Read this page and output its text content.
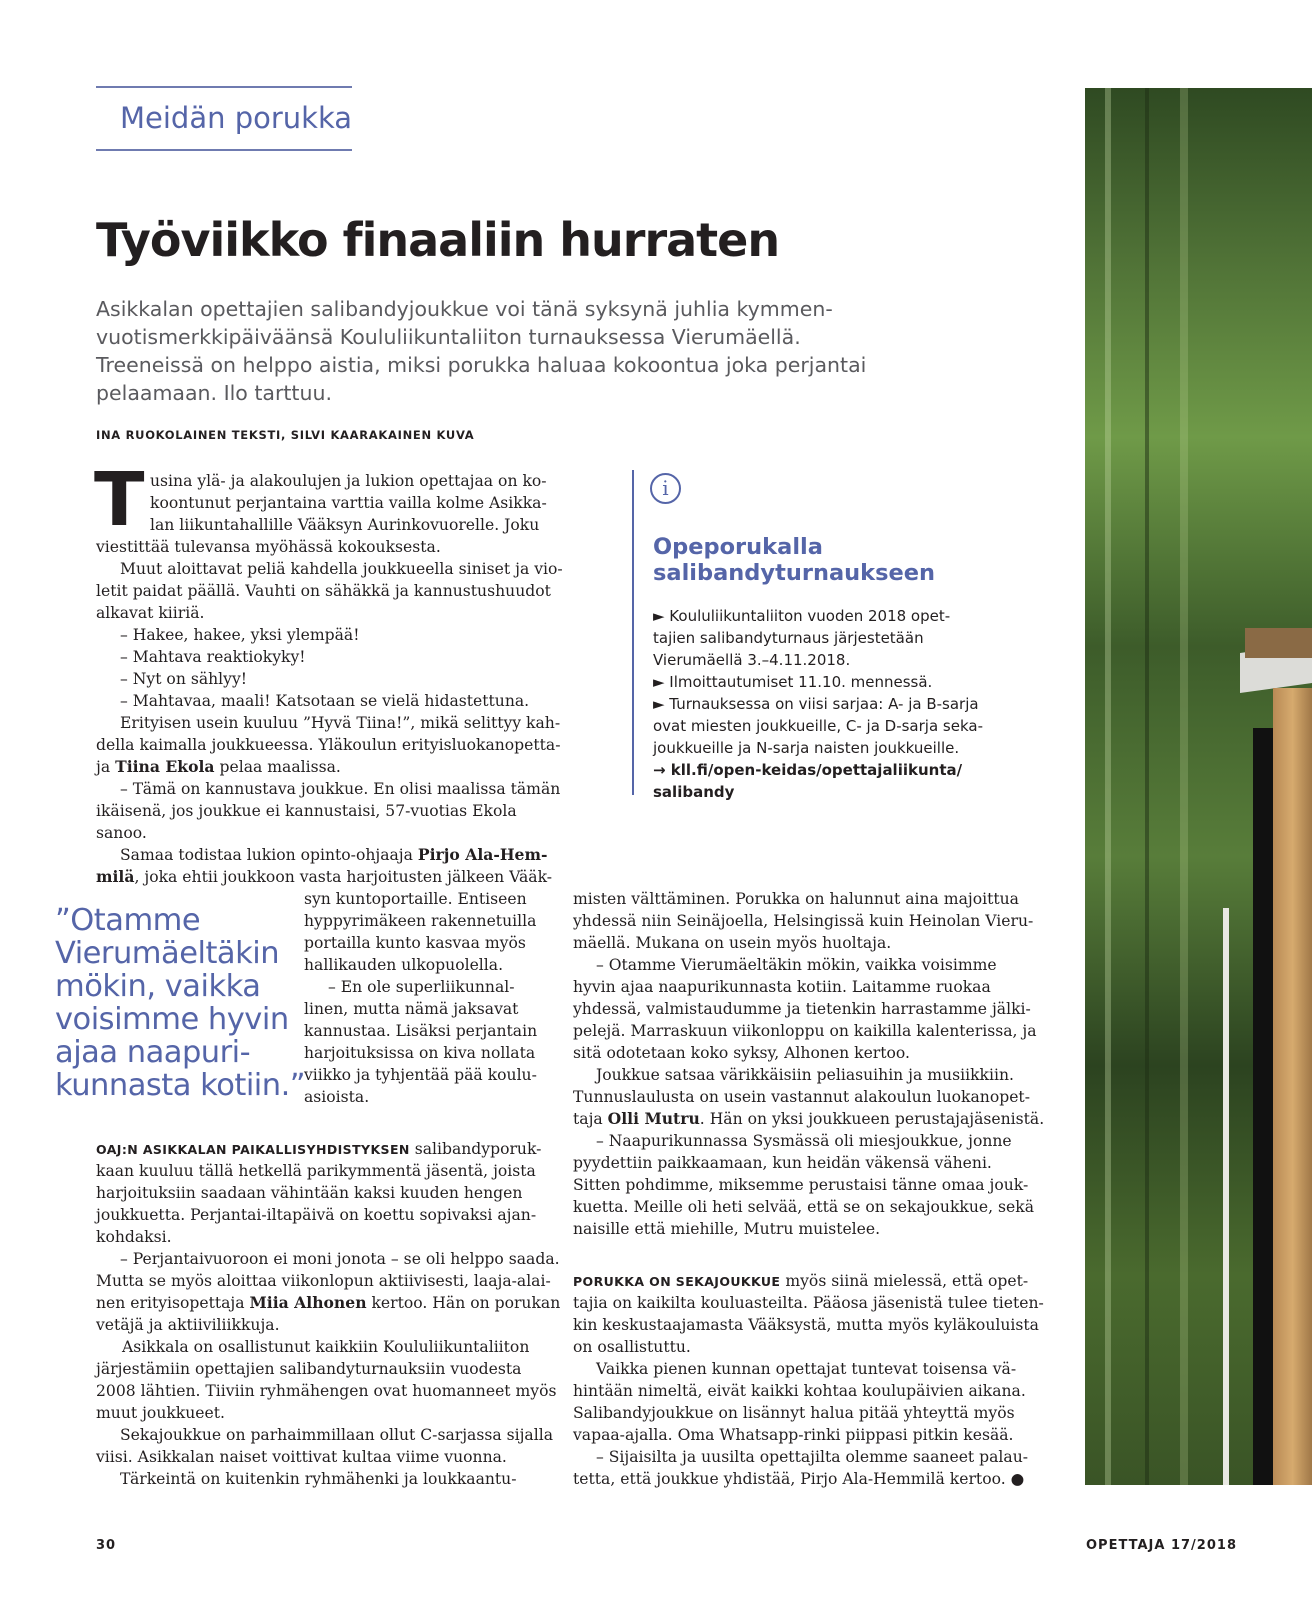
Meidän porukka
Työviikko finaaliin hurraten
Asikkalan opettajien salibandyjoukkue voi tänä syksynä juhlia kymmen-
vuotismerkkipäiväänsä Koululiikuntaliiton turnauksessa Vierumäellä.
Treeneissä on helppo aistia, miksi porukka haluaa kokoontua joka perjantai
pelaamaan. Ilo tarttuu.
INA RUOKOLAINEN TEKSTI, SILVI KAARAKAINEN KUVA
T usina ylä- ja alakoulujen ja lukion opettajaa on ko-
koontunut perjantaina varttia vailla kolme Asikka-
lan liikuntahallille Vääksyn Aurinkovuorelle. Joku
viestittää tulevansa myöhässä kokouksesta.
Muut aloittavat peliä kahdella joukkueella siniset ja vio-
letit paidat päällä. Vauhti on sähäkkä ja kannustushuudot
alkavat kiiriä.
– Hakee, hakee, yksi ylempää!
– Mahtava reaktiokyky!
– Nyt on sählyy!
– Mahtavaa, maali! Katsotaan se vielä hidastettuna.
Erityisen usein kuuluu ”Hyvä Tiina!”, mikä selittyy kah-
della kaimalla joukkueessa. Yläkoulun erityisluokanopetta-
ja Tiina Ekola pelaa maalissa.
– Tämä on kannustava joukkue. En olisi maalissa tämän
ikäisenä, jos joukkue ei kannustaisi, 57-vuotias Ekola
sanoo.
Samaa todistaa lukion opinto-ohjaaja Pirjo Ala-Hem-
milä, joka ehtii joukkoon vasta harjoitusten jälkeen Vääk-
”Otamme
Vierumäeltäkin
mökin, vaikka
voisimme hyvin
ajaa naapuri-
kunnasta kotiin.”
syn kuntoportaille. Entiseen
hyppyrimäkeen rakennetuilla
portailla kunto kasvaa myös
hallikauden ulkopuolella.
– En ole superliikunnal-
linen, mutta nämä jaksavat
kannustaa. Lisäksi perjantain
harjoituksissa on kiva nollata
viikko ja tyhjentää pää koulu-
asioista.
OAJ:N ASIKKALAN PAIKALLISYHDISTYKSEN salibandyporuk-
kaan kuuluu tällä hetkellä parikymmentä jäsentä, joista
harjoituksiin saadaan vähintään kaksi kuuden hengen
joukkuetta. Perjantai-iltapäivä on koettu sopivaksi ajan-
kohdaksi.
– Perjantaivuoroon ei moni jonota – se oli helppo saada.
Mutta se myös aloittaa viikonlopun aktiivisesti, laaja-alai-
nen erityisopettaja Miia Alhonen kertoo. Hän on porukan
vetäjä ja aktiiviliikkuja.
Asikkala on osallistunut kaikkiin Koululiikuntaliiton
järjestämiin opettajien salibandyturnauksiin vuodesta
2008 lähtien. Tiiviin ryhmähengen ovat huomanneet myös
muut joukkueet.
Sekajoukkue on parhaimmillaan ollut C-sarjassa sijalla
viisi. Asikkalan naiset voittivat kultaa viime vuonna.
Tärkeintä on kuitenkin ryhmähenki ja loukkaantu-
i
Opeporukalla
salibandyturnaukseen
► Koululiikuntaliiton vuoden 2018 opet-
tajien salibandyturnaus järjestetään
Vierumäellä 3.–4.11.2018.
► Ilmoittautumiset 11.10. mennessä.
► Turnauksessa on viisi sarjaa: A- ja B-sarja
ovat miesten joukkueille, C- ja D-sarja seka-
joukkueille ja N-sarja naisten joukkueille.
→ kll.fi/open-keidas/opettajaliikunta/
salibandy
misten välttäminen. Porukka on halunnut aina majoittua
yhdessä niin Seinäjoella, Helsingissä kuin Heinolan Vieru-
mäellä. Mukana on usein myös huoltaja.
– Otamme Vierumäeltäkin mökin, vaikka voisimme
hyvin ajaa naapurikunnasta kotiin. Laitamme ruokaa
yhdessä, valmistaudumme ja tietenkin harrastamme jälki-
pelejä. Marraskuun viikonloppu on kaikilla kalenterissa, ja
sitä odotetaan koko syksy, Alhonen kertoo.
Joukkue satsaa värikkäisiin peliasuihin ja musiikkiin.
Tunnuslaulusta on usein vastannut alakoulun luokanopet-
taja Olli Mutru. Hän on yksi joukkueen perustajajäsenistä.
– Naapurikunnassa Sysmässä oli miesjoukkue, jonne
pyydettiin paikkaamaan, kun heidän väkensä väheni.
Sitten pohdimme, miksemme perustaisi tänne omaa jouk-
kuetta. Meille oli heti selvää, että se on sekajoukkue, sekä
naisille että miehille, Mutru muistelee.
PORUKKA ON SEKAJOUKKUE myös siinä mielessä, että opet-
tajia on kaikilta kouluasteilta. Pääosa jäsenistä tulee tieten-
kin keskustaajamasta Vääksystä, mutta myös kyläkouluista
on osallistuttu.
Vaikka pienen kunnan opettajat tuntevat toisensa vä-
hintään nimeltä, eivät kaikki kohtaa koulupäivien aikana.
Salibandyjoukkue on lisännyt halua pitää yhteyttä myös
vapaa-ajalla. Oma Whatsapp-rinki piippasi pitkin kesää.
– Sijaisilta ja uusilta opettajilta olemme saaneet palau-
tetta, että joukkue yhdistää, Pirjo Ala-Hemmilä kertoo. ●
30	OPETTAJA 17/2018
